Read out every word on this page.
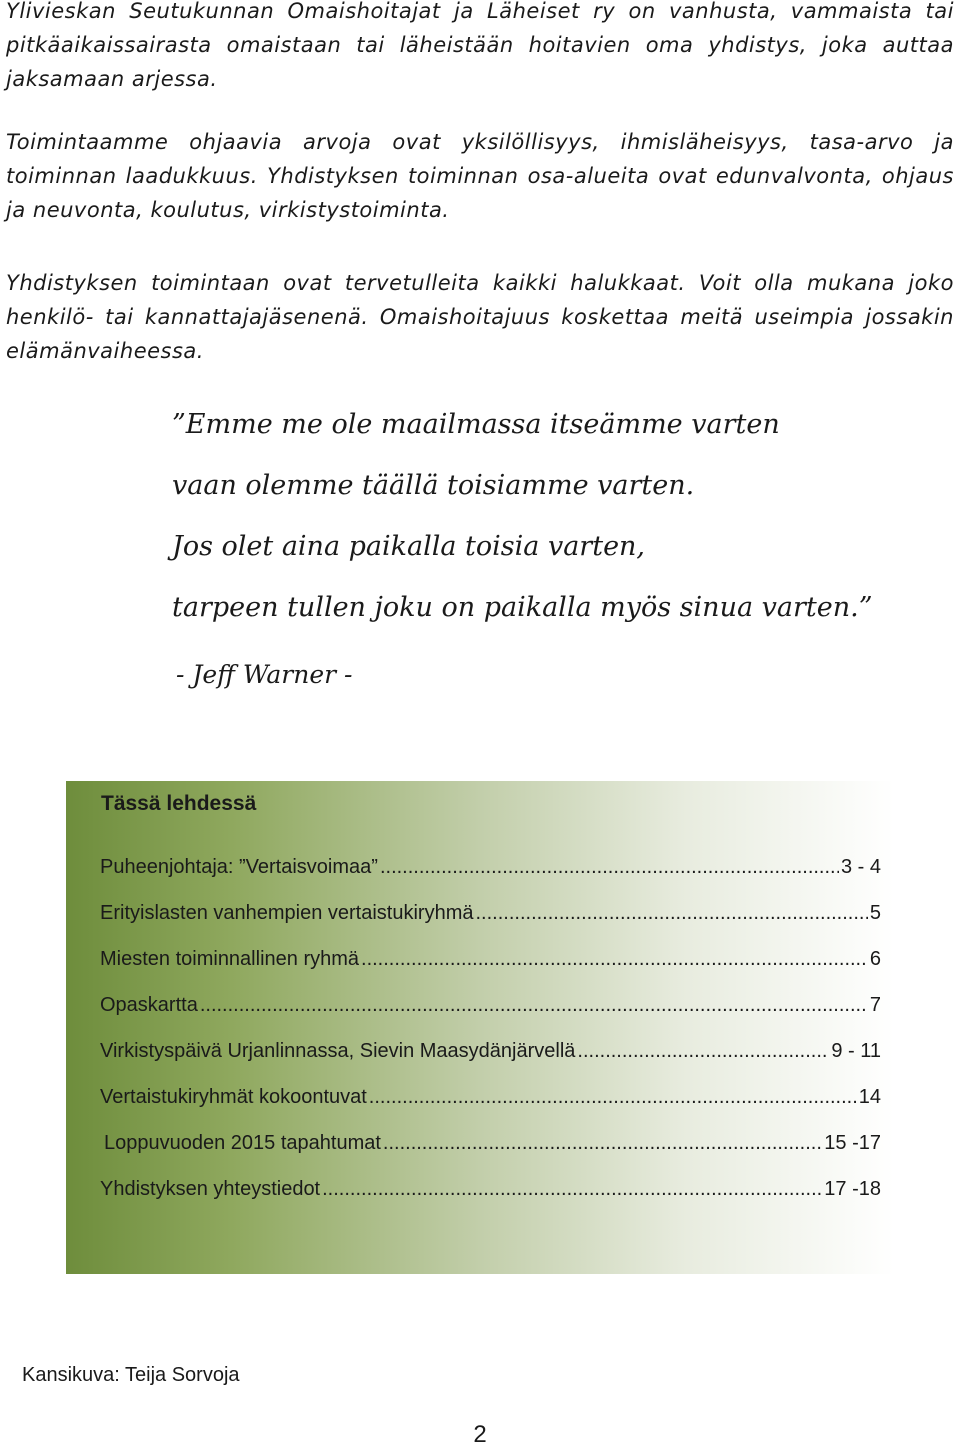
Ylivieskan Seutukunnan Omaishoitajat ja Läheiset ry on vanhusta, vammaista tai pitkäaikaissairasta omaistaan tai läheistään hoitavien oma yhdistys, joka auttaa jaksamaan arjessa.

Toimintaamme ohjaavia arvoja ovat yksilöllisyys, ihmisläheisyys, tasa-arvo ja toiminnan laadukkuus. Yhdistyksen toiminnan osa-alueita ovat edunvalvonta, ohjaus ja neuvonta, koulutus, virkistystoiminta.

Yhdistyksen toimintaan ovat tervetulleita kaikki halukkaat. Voit olla mukana joko henkilö- tai kannattajajäsenenä. Omaishoitajuus koskettaa meitä useimpia jossakin elämänvaiheessa.

”Emme me ole maailmassa itseämme varten
vaan olemme täällä toisiamme varten.
Jos olet aina paikalla toisia varten,
tarpeen tullen joku on paikalla myös sinua varten.”

- Jeff Warner -

Tässä lehdessä
Puheenjohtaja: ”Vertaisvoimaa” .....	3 - 4
Erityislasten vanhempien vertaistukiryhmä .....	5
Miesten toiminnallinen ryhmä .....	6
Opaskartta .....	7
Virkistyspäivä Urjanlinnassa, Sievin Maasydänjärvellä .....	9 - 11
Vertaistukiryhmät kokoontuvat .....	14
Loppuvuoden 2015 tapahtumat .....	15 -17
Yhdistyksen yhteystiedot .....	17 -18

Kansikuva: Teija Sorvoja

2
